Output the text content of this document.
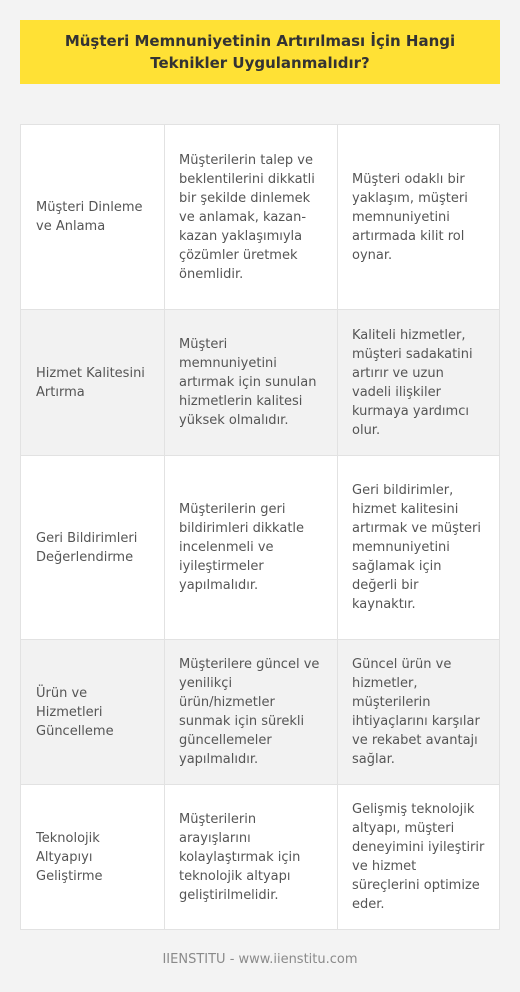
Müşteri Memnuniyetinin Artırılması İçin Hangi Teknikler Uygulanmalıdır?
Müşteri Dinleme ve Anlama
Müşterilerin talep ve beklentilerini dikkatli bir şekilde dinlemek ve anlamak, kazan-kazan yaklaşımıyla çözümler üretmek önemlidir.
Müşteri odaklı bir yaklaşım, müşteri memnuniyetini artırmada kilit rol oynar.
Hizmet Kalitesini Artırma
Müşteri memnuniyetini artırmak için sunulan hizmetlerin kalitesi yüksek olmalıdır.
Kaliteli hizmetler, müşteri sadakatini artırır ve uzun vadeli ilişkiler kurmaya yardımcı olur.
Geri Bildirimleri Değerlendirme
Müşterilerin geri bildirimleri dikkatle incelenmeli ve iyileştirmeler yapılmalıdır.
Geri bildirimler, hizmet kalitesini artırmak ve müşteri memnuniyetini sağlamak için değerli bir kaynaktır.
Ürün ve Hizmetleri Güncelleme
Müşterilere güncel ve yenilikçi ürün/hizmetler sunmak için sürekli güncellemeler yapılmalıdır.
Güncel ürün ve hizmetler, müşterilerin ihtiyaçlarını karşılar ve rekabet avantajı sağlar.
Teknolojik Altyapıyı Geliştirme
Müşterilerin arayışlarını kolaylaştırmak için teknolojik altyapı geliştirilmelidir.
Gelişmiş teknolojik altyapı, müşteri deneyimini iyileştirir ve hizmet süreçlerini optimize eder.
IIENSTITU - www.iienstitu.com
